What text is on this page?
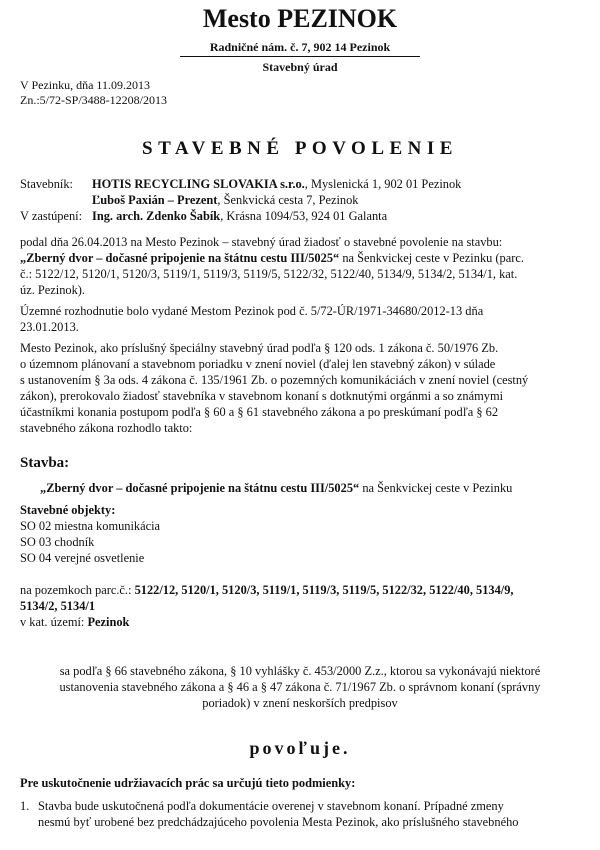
Mesto PEZINOK
Radničné nám. č. 7, 902 14 Pezinok
Stavebný úrad
V Pezinku, dňa 11.09.2013
Zn.:5/72-SP/3488-12208/2013
STAVEBNÉ POVOLENIE
Stavebník: HOTIS RECYCLING SLOVAKIA s.r.o., Myslenická 1, 902 01 Pezinok
Ľuboš Paxián – Prezent, Šenkvická cesta 7, Pezinok
V zastúpení: Ing. arch. Zdenko Šabík, Krásna 1094/53, 924 01 Galanta
podal dňa 26.04.2013 na Mesto Pezinok – stavebný úrad žiadosť o stavebné povolenie na stavbu:
„Zberný dvor – dočasné pripojenie na štátnu cestu III/5025“ na Šenkvickej ceste v Pezinku (parc.
č.: 5122/12, 5120/1, 5120/3, 5119/1, 5119/3, 5119/5, 5122/32, 5122/40, 5134/9, 5134/2, 5134/1, kat.
úz. Pezinok).
Územné rozhodnutie bolo vydané Mestom Pezinok pod č. 5/72-ÚR/1971-34680/2012-13 dňa
23.01.2013.
Mesto Pezinok, ako príslušný špeciálny stavebný úrad podľa § 120 ods. 1 zákona č. 50/1976 Zb.
o územnom plánovaní a stavebnom poriadku v znení noviel (ďalej len stavebný zákon) v súlade
s ustanovením § 3a ods. 4 zákona č. 135/1961 Zb. o pozemných komunikáciách v znení noviel (cestný
zákon), prerokovalo žiadosť stavebníka v stavebnom konaní s dotknutými orgánmi a so známymi
účastníkmi konania postupom podľa § 60 a § 61 stavebného zákona a po preskúmaní podľa § 62
stavebného zákona rozhodlo takto:
Stavba:
„Zberný dvor – dočasné pripojenie na štátnu cestu III/5025“ na Šenkvickej ceste v Pezinku
Stavebné objekty:
SO 02 miestna komunikácia
SO 03 chodník
SO 04 verejné osvetlenie
na pozemkoch parc.č.: 5122/12, 5120/1, 5120/3, 5119/1, 5119/3, 5119/5, 5122/32, 5122/40, 5134/9,
5134/2, 5134/1
v kat. území: Pezinok
sa podľa § 66 stavebného zákona, § 10 vyhlášky č. 453/2000 Z.z., ktorou sa vykonávajú niektoré
ustanovenia stavebného zákona a § 46 a § 47 zákona č. 71/1967 Zb. o správnom konaní (správny
poriadok) v znení neskorších predpisov
povoľuje.
Pre uskutočnenie udržiavacích prác sa určujú tieto podmienky:
1. Stavba bude uskutočnená podľa dokumentácie overenej v stavebnom konaní. Prípadné zmeny
nesmú byť urobené bez predchádzajúceho povolenia Mesta Pezinok, ako príslušného stavebného
